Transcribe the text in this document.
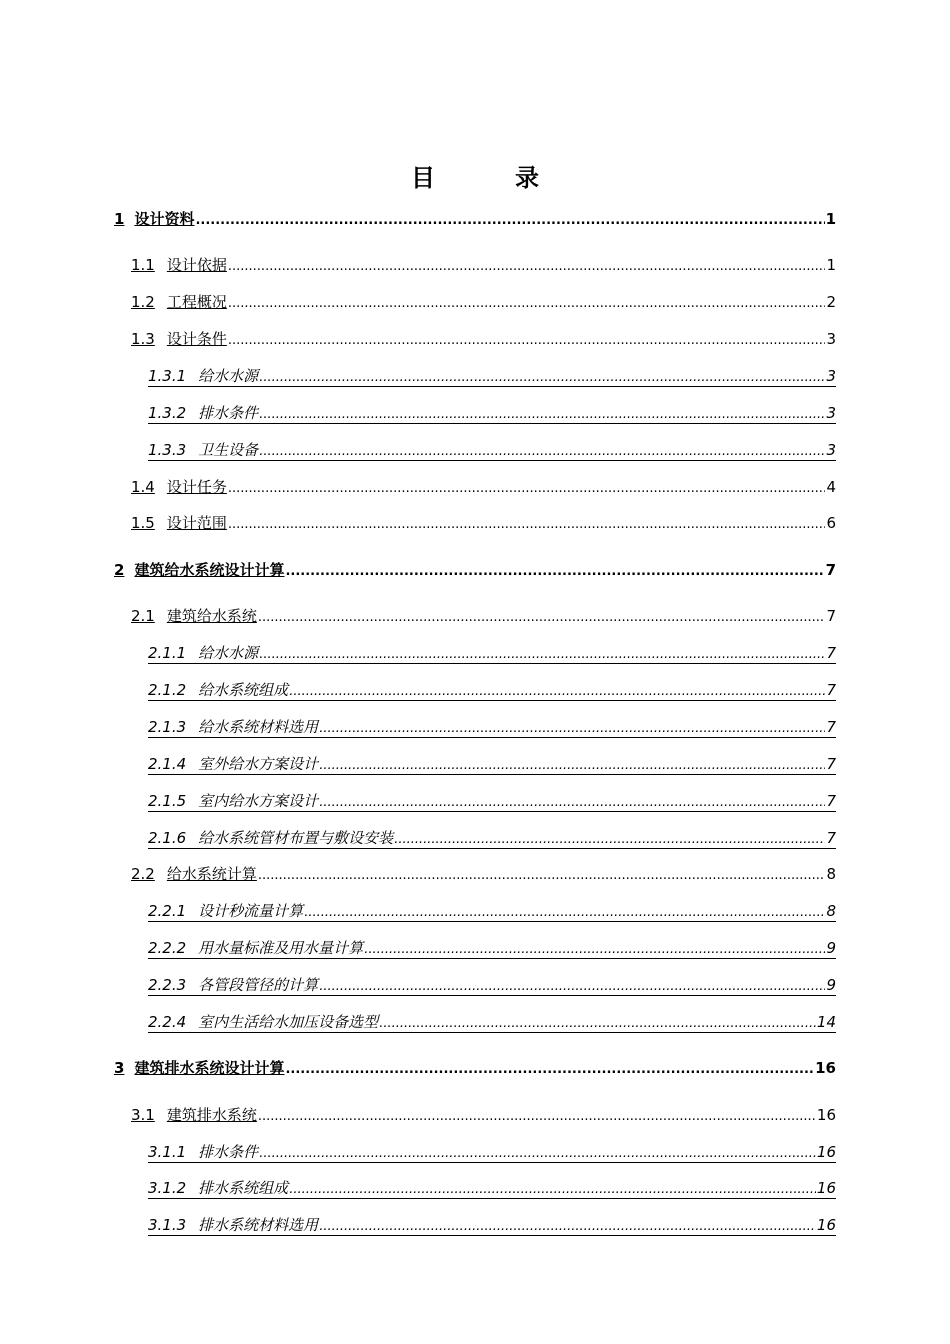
目	录
1 设计资料 .....	1
1.1 设计依据 .....	1
1.2 工程概况 .....	2
1.3 设计条件 .....	3
1.3.1 给水水源 .....	3
1.3.2 排水条件 .....	3
1.3.3 卫生设备 .....	3
1.4 设计任务 .....	4
1.5 设计范围 .....	6
2 建筑给水系统设计计算 .....	7
2.1 建筑给水系统 .....	7
2.1.1 给水水源 .....	7
2.1.2 给水系统组成 .....	7
2.1.3 给水系统材料选用 .....	7
2.1.4 室外给水方案设计 .....	7
2.1.5 室内给水方案设计 .....	7
2.1.6 给水系统管材布置与敷设安装 .....	7
2.2 给水系统计算 .....	8
2.2.1 设计秒流量计算 .....	8
2.2.2 用水量标准及用水量计算 .....	9
2.2.3 各管段管径的计算 .....	9
2.2.4 室内生活给水加压设备选型 .....	14
3 建筑排水系统设计计算 .....	16
3.1 建筑排水系统 .....	16
3.1.1 排水条件 .....	16
3.1.2 排水系统组成 .....	16
3.1.3 排水系统材料选用 .....	16
